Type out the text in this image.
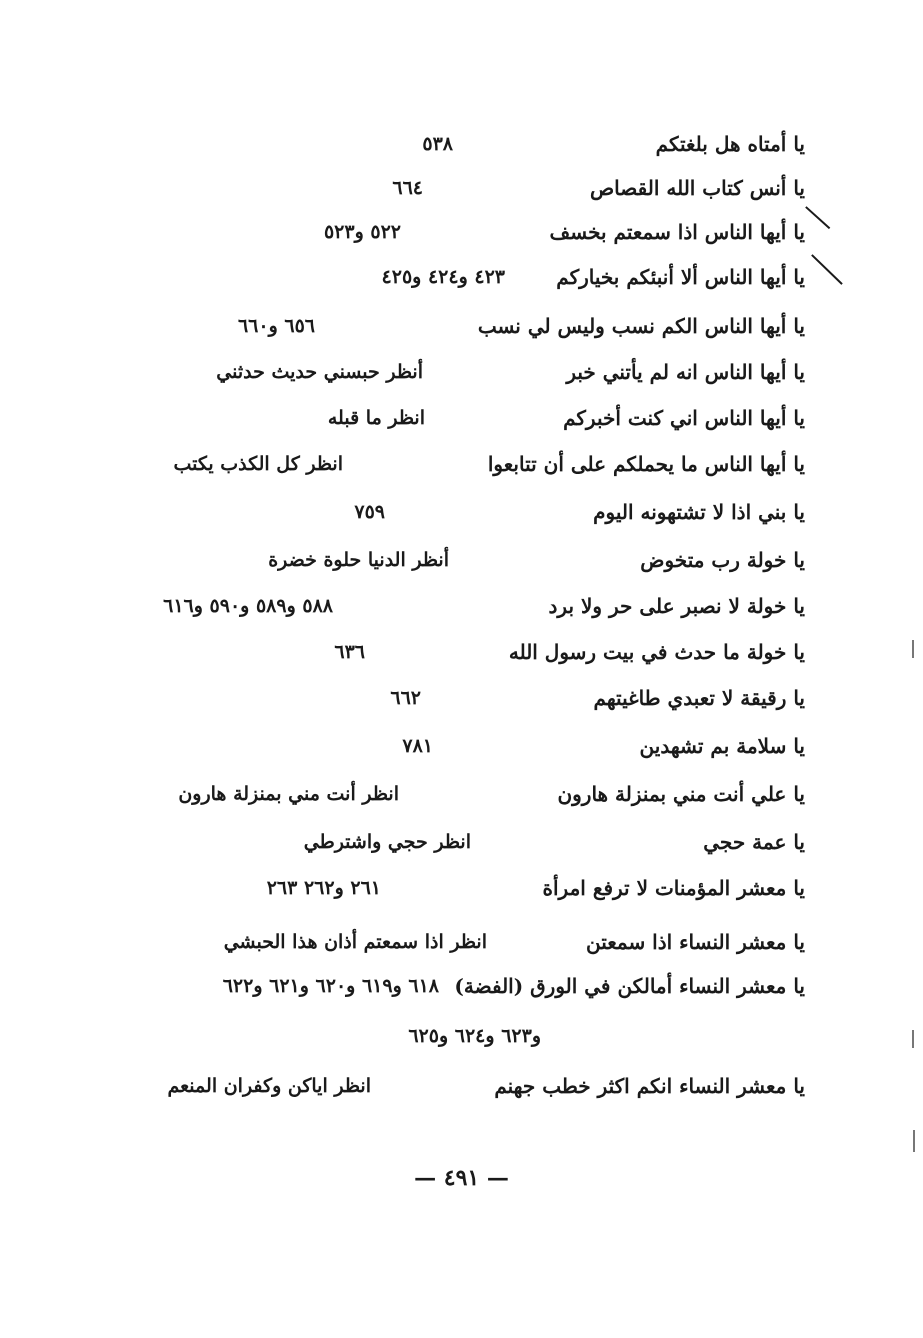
يا أمتاه هل بلغتكم
٥٣٨
يا أنس كتاب الله القصاص
٦٦٤
يا أيها الناس اذا سمعتم بخسف
٥٢٢ و٥٢٣
يا أيها الناس ألا أنبئكم بخياركم
٤٢٣ و٤٢٤ و٤٢٥
يا أيها الناس الكم نسب وليس لي نسب
٦٥٦ و٦٦٠
يا أيها الناس انه لم يأتني خبر
أنظر حبسني حديث حدثني
يا أيها الناس اني كنت أخبركم
انظر ما قبله
يا أيها الناس ما يحملكم على أن تتابعوا
انظر كل الكذب يكتب
يا بني اذا لا تشتهونه اليوم
٧٥٩
يا خولة رب متخوض
أنظر الدنيا حلوة خضرة
يا خولة لا نصبر على حر ولا برد
٥٨٨ و٥٨٩ و٥٩٠ و٦١٦
يا خولة ما حدث في بيت رسول الله
٦٣٦
يا رقيقة لا تعبدي طاغيتهم
٦٦٢
يا سلامة بم تشهدين
٧٨١
يا علي أنت مني بمنزلة هارون
انظر أنت مني بمنزلة هارون
يا عمة حجي
انظر حجي واشترطي
يا معشر المؤمنات لا ترفع امرأة
٢٦١ و٢٦٢ ٢٦٣
يا معشر النساء اذا سمعتن
انظر اذا سمعتم أذان هذا الحبشي
يا معشر النساء أمالكن في الورق (الفضة)
٦١٨ و٦١٩ و٦٢٠ و٦٢١ و٦٢٢
و٦٢٣ و٦٢٤ و٦٢٥
يا معشر النساء انكم اكثر خطب جهنم
انظر اياكن وكفران المنعم
— ٤٩١ —
